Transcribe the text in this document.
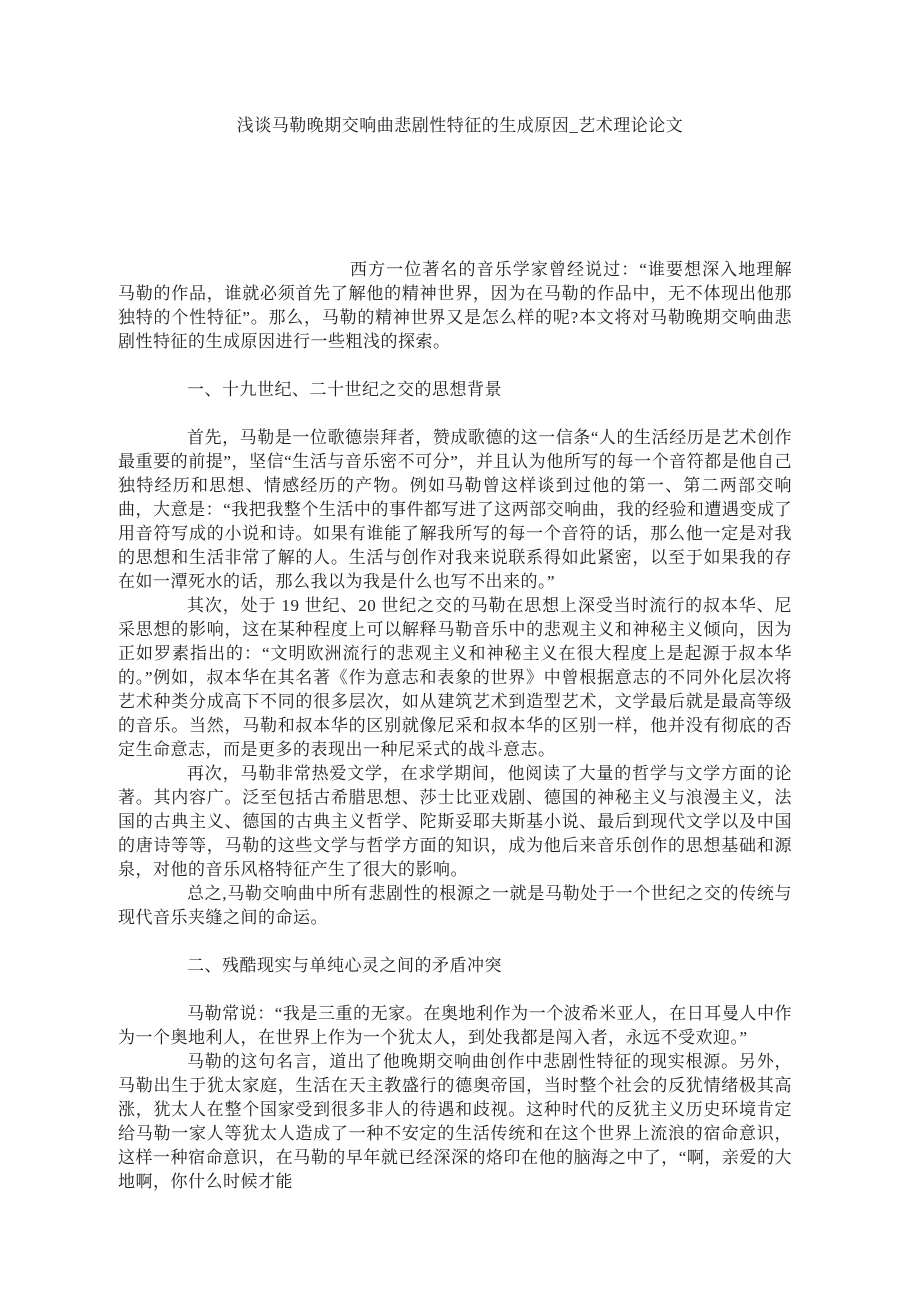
浅谈马勒晚期交响曲悲剧性特征的生成原因_艺术理论论文

西方一位著名的音乐学家曾经说过：“谁要想深入地理解马勒的作品，谁就必须首先了解他的精神世界，因为在马勒的作品中，无不体现出他那独特的个性特征”。那么，马勒的精神世界又是怎么样的呢?本文将对马勒晚期交响曲悲剧性特征的生成原因进行一些粗浅的探索。

一、十九世纪、二十世纪之交的思想背景

首先，马勒是一位歌德崇拜者，赞成歌德的这一信条“人的生活经历是艺术创作最重要的前提”，坚信“生活与音乐密不可分”，并且认为他所写的每一个音符都是他自己独特经历和思想、情感经历的产物。例如马勒曾这样谈到过他的第一、第二两部交响曲，大意是：“我把我整个生活中的事件都写进了这两部交响曲，我的经验和遭遇变成了用音符写成的小说和诗。如果有谁能了解我所写的每一个音符的话，那么他一定是对我的思想和生活非常了解的人。生活与创作对我来说联系得如此紧密，以至于如果我的存在如一潭死水的话，那么我以为我是什么也写不出来的。”

其次，处于 19 世纪、20 世纪之交的马勒在思想上深受当时流行的叔本华、尼采思想的影响，这在某种程度上可以解释马勒音乐中的悲观主义和神秘主义倾向，因为正如罗素指出的：“文明欧洲流行的悲观主义和神秘主义在很大程度上是起源于叔本华的。”例如，叔本华在其名著《作为意志和表象的世界》中曾根据意志的不同外化层次将艺术种类分成高下不同的很多层次，如从建筑艺术到造型艺术，文学最后就是最高等级的音乐。当然，马勒和叔本华的区别就像尼采和叔本华的区别一样，他并没有彻底的否定生命意志，而是更多的表现出一种尼采式的战斗意志。

再次，马勒非常热爱文学，在求学期间，他阅读了大量的哲学与文学方面的论著。其内容广。泛至包括古希腊思想、莎士比亚戏剧、德国的神秘主义与浪漫主义，法国的古典主义、德国的古典主义哲学、陀斯妥耶夫斯基小说、最后到现代文学以及中国的唐诗等等，马勒的这些文学与哲学方面的知识，成为他后来音乐创作的思想基础和源泉，对他的音乐风格特征产生了很大的影响。

总之,马勒交响曲中所有悲剧性的根源之一就是马勒处于一个世纪之交的传统与现代音乐夹缝之间的命运。

二、残酷现实与单纯心灵之间的矛盾冲突

马勒常说：“我是三重的无家。在奥地利作为一个波希米亚人，在日耳曼人中作为一个奥地利人，在世界上作为一个犹太人，到处我都是闯入者，永远不受欢迎。”

马勒的这句名言，道出了他晚期交响曲创作中悲剧性特征的现实根源。另外，马勒出生于犹太家庭，生活在天主教盛行的德奥帝国，当时整个社会的反犹情绪极其高涨，犹太人在整个国家受到很多非人的待遇和歧视。这种时代的反犹主义历史环境肯定给马勒一家人等犹太人造成了一种不安定的生活传统和在这个世界上流浪的宿命意识，这样一种宿命意识，在马勒的早年就已经深深的烙印在他的脑海之中了，“啊，亲爱的大地啊，你什么时候才能
